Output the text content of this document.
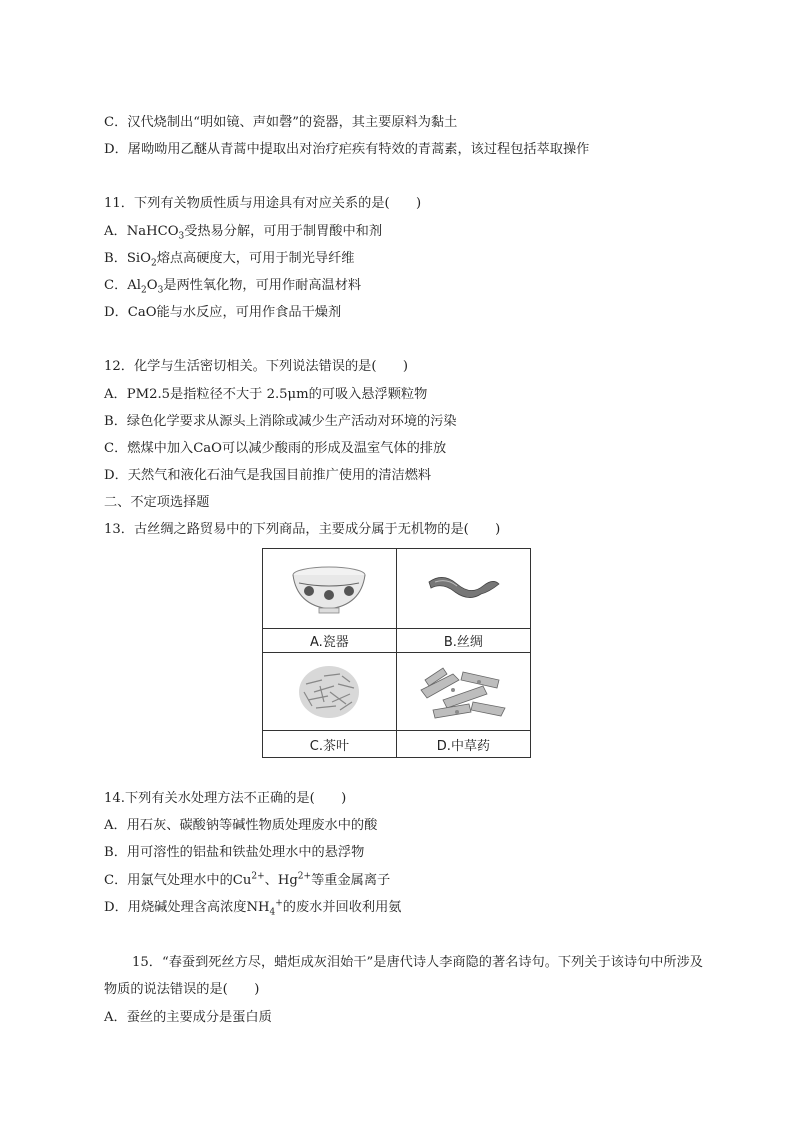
C．汉代烧制出“明如镜、声如磬”的瓷器，其主要原料为黏土
D．屠呦呦用乙醚从青蒿中提取出对治疗疟疾有特效的青蒿素，该过程包括萃取操作
11．下列有关物质性质与用途具有对应关系的是(　　)
A．NaHCO$_3$受热易分解，可用于制胃酸中和剂
B．SiO$_2$熔点高硬度大，可用于制光导纤维
C．$Al_2O_3$是两性氧化物，可用作耐高温材料
D．CaO能与水反应，可用作食品干燥剂
12．化学与生活密切相关。下列说法错误的是(　　)
A．PM2.5是指粒径不大于 2.5μm的可吸入悬浮颗粒物
B．绿色化学要求从源头上消除或减少生产活动对环境的污染
C．燃煤中加入CaO可以减少酸雨的形成及温室气体的排放
D．天然气和液化石油气是我国目前推广使用的清洁燃料
二、不定项选择题
13．古丝绸之路贸易中的下列商品，主要成分属于无机物的是(　　)

A.瓷器	B.丝绸

C.茶叶	D.中草药
14.下列有关水处理方法不正确的是(　　)
A．用石灰、碳酸钠等碱性物质处理废水中的酸
B．用可溶性的铝盐和铁盐处理水中的悬浮物
C．用氯气处理水中的$Cu^{2+}$、$Hg^{2+}$等重金属离子
D．用烧碱处理含高浓度$NH_4^+$的废水并回收利用氨
15．“春蚕到死丝方尽，蜡炬成灰泪始干”是唐代诗人李商隐的著名诗句。下列关于该诗句中所涉及
物质的说法错误的是(　　)
A．蚕丝的主要成分是蛋白质
